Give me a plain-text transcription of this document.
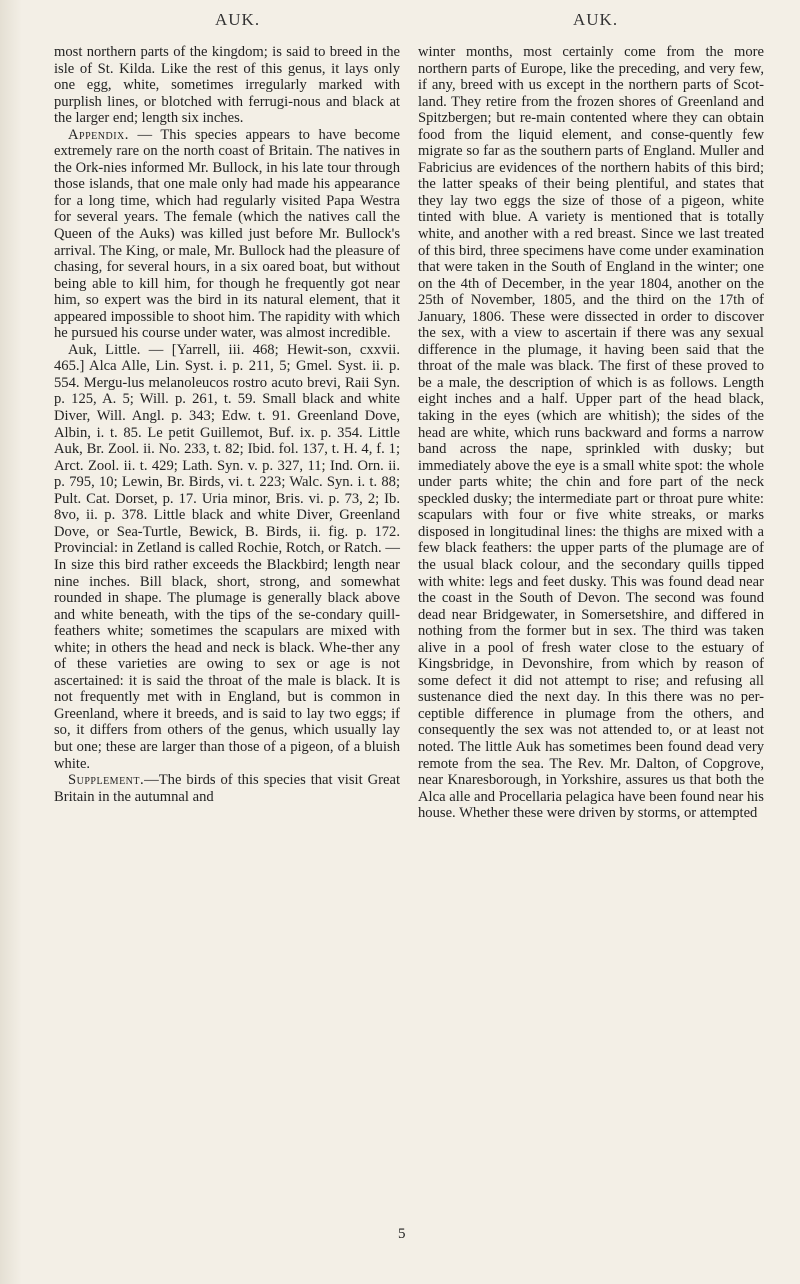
AUK.	AUK.

most northern parts of the kingdom; is said to breed in the isle of St. Kilda. Like the rest of this genus, it lays only one egg, white, sometimes irregularly marked with purplish lines, or blotched with ferrugi-nous and black at the larger end; length six inches.

Appendix. — This species appears to have become extremely rare on the north coast of Britain. The natives in the Ork-nies informed Mr. Bullock, in his late tour through those islands, that one male only had made his appearance for a long time, which had regularly visited Papa Westra for several years. The female (which the natives call the Queen of the Auks) was killed just before Mr. Bullock's arrival. The King, or male, Mr. Bullock had the pleasure of chasing, for several hours, in a six oared boat, but without being able to kill him, for though he frequently got near him, so expert was the bird in its natural element, that it appeared impossible to shoot him. The rapidity with which he pursued his course under water, was almost incredible.

Auk, Little. — [Yarrell, iii. 468; Hewit-son, cxxvii. 465.] Alca Alle, Lin. Syst. i. p. 211, 5; Gmel. Syst. ii. p. 554. Mergu-lus melanoleucos rostro acuto brevi, Raii Syn. p. 125, A. 5; Will. p. 261, t. 59. Small black and white Diver, Will. Angl. p. 343; Edw. t. 91. Greenland Dove, Albin, i. t. 85. Le petit Guillemot, Buf. ix. p. 354. Little Auk, Br. Zool. ii. No. 233, t. 82; Ibid. fol. 137, t. H. 4, f. 1; Arct. Zool. ii. t. 429; Lath. Syn. v. p. 327, 11; Ind. Orn. ii. p. 795, 10; Lewin, Br. Birds, vi. t. 223; Walc. Syn. i. t. 88; Pult. Cat. Dorset, p. 17. Uria minor, Bris. vi. p. 73, 2; Ib. 8vo, ii. p. 378. Little black and white Diver, Greenland Dove, or Sea-Turtle, Bewick, B. Birds, ii. fig. p. 172. Provincial: in Zetland is called Rochie, Rotch, or Ratch. — In size this bird rather exceeds the Blackbird; length near nine inches. Bill black, short, strong, and somewhat rounded in shape. The plumage is generally black above and white beneath, with the tips of the se-condary quill-feathers white; sometimes the scapulars are mixed with white; in others the head and neck is black. Whe-ther any of these varieties are owing to sex or age is not ascertained: it is said the throat of the male is black. It is not frequently met with in England, but is common in Greenland, where it breeds, and is said to lay two eggs; if so, it differs from others of the genus, which usually lay but one; these are larger than those of a pigeon, of a bluish white.

Supplement.—The birds of this species that visit Great Britain in the autumnal and

winter months, most certainly come from the more northern parts of Europe, like the preceding, and very few, if any, breed with us except in the northern parts of Scot-land. They retire from the frozen shores of Greenland and Spitzbergen; but re-main contented where they can obtain food from the liquid element, and conse-quently few migrate so far as the southern parts of England. Muller and Fabricius are evidences of the northern habits of this bird; the latter speaks of their being plentiful, and states that they lay two eggs the size of those of a pigeon, white tinted with blue. A variety is mentioned that is totally white, and another with a red breast. Since we last treated of this bird, three specimens have come under examination that were taken in the South of England in the winter; one on the 4th of December, in the year 1804, another on the 25th of November, 1805, and the third on the 17th of January, 1806. These were dissected in order to discover the sex, with a view to ascertain if there was any sexual difference in the plumage, it having been said that the throat of the male was black. The first of these proved to be a male, the description of which is as follows. Length eight inches and a half. Upper part of the head black, taking in the eyes (which are whitish); the sides of the head are white, which runs backward and forms a narrow band across the nape, sprinkled with dusky; but immediately above the eye is a small white spot: the whole under parts white; the chin and fore part of the neck speckled dusky; the intermediate part or throat pure white: scapulars with four or five white streaks, or marks disposed in longitudinal lines: the thighs are mixed with a few black feathers: the upper parts of the plumage are of the usual black colour, and the secondary quills tipped with white: legs and feet dusky. This was found dead near the coast in the South of Devon. The second was found dead near Bridgewater, in Somersetshire, and differed in nothing from the former but in sex. The third was taken alive in a pool of fresh water close to the estuary of Kingsbridge, in Devonshire, from which by reason of some defect it did not attempt to rise; and refusing all sustenance died the next day. In this there was no per-ceptible difference in plumage from the others, and consequently the sex was not attended to, or at least not noted. The little Auk has sometimes been found dead very remote from the sea. The Rev. Mr. Dalton, of Copgrove, near Knaresborough, in Yorkshire, assures us that both the Alca alle and Procellaria pelagica have been found near his house. Whether these were driven by storms, or attempted

5
